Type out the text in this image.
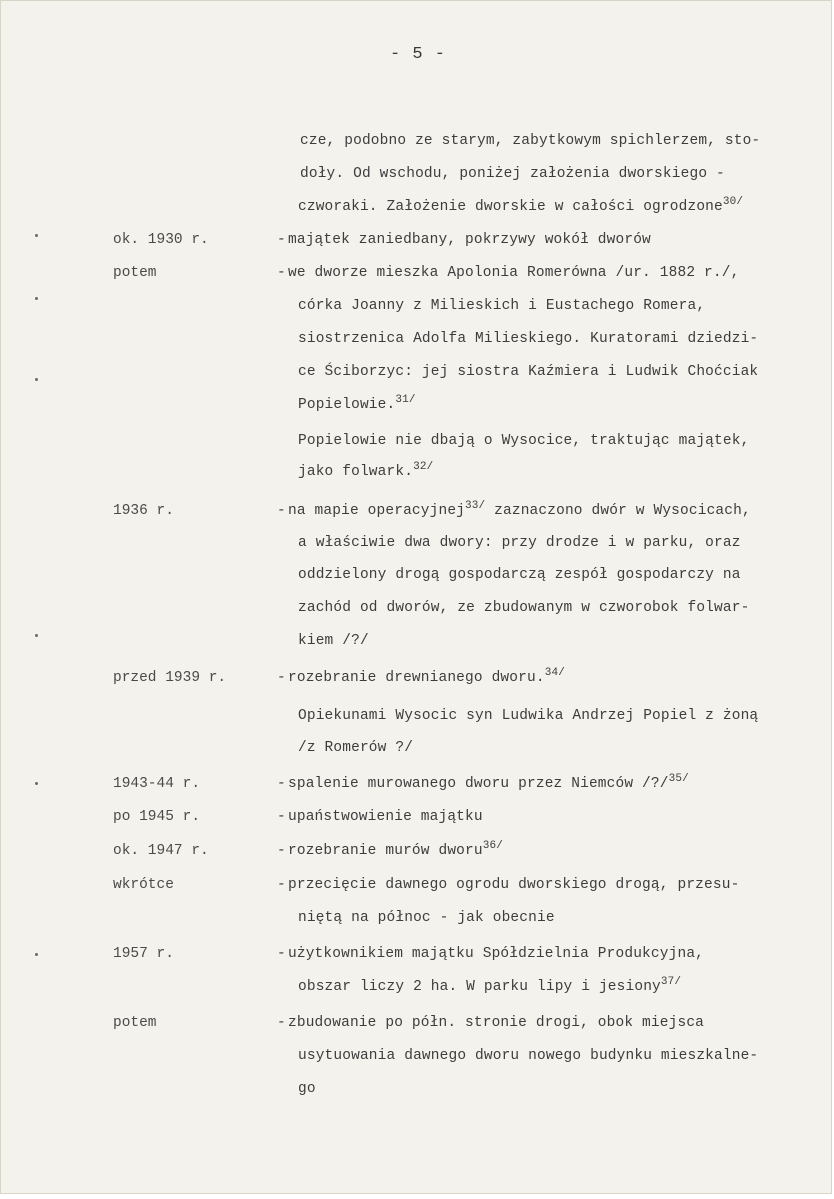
- 5 -
cze, podobno ze starym, zabytkowym spichlerzem, sto-
doły. Od wschodu, poniżej założenia dworskiego -
czworaki. Założenie dworskie w całości ogrodzone$^{30/}$
ok. 1930 r.	- majątek zaniedbany, pokrzywy wokół dworów
potem	- we dworze mieszka Apolonia Romerówna /ur. 1882 r./,
córka Joanny z Milieskich i Eustachego Romera,
siostrzenica Adolfa Milieskiego. Kuratorami dziedzi-
ce Ściborzyc: jej siostra Kaźmiera i Ludwik Choćciak
Popielowie.$^{31/}$
Popielowie nie dbają o Wysocice, traktując majątek,
jako folwark.$^{32/}$
1936 r.	- na mapie operacyjnej$^{33/}$ zaznaczono dwór w Wysocicach,
a właściwie dwa dwory: przy drodze i w parku, oraz
oddzielony drogą gospodarczą zespół gospodarczy na
zachód od dworów, ze zbudowanym w czworobok folwar-
kiem /?/
przed 1939 r.	- rozebranie drewnianego dworu.$^{34/}$
Opiekunami Wysocic syn Ludwika Andrzej Popiel z żoną
/z Romerów ?/
1943-44 r.	- spalenie murowanego dworu przez Niemców /?/$^{35/}$
po 1945 r.	- upaństwowienie majątku
ok. 1947 r.	- rozebranie murów dworu$^{36/}$
wkrótce	- przecięcie dawnego ogrodu dworskiego drogą, przesu-
niętą na północ - jak obecnie
1957 r.	- użytkownikiem majątku Spółdzielnia Produkcyjna,
obszar liczy 2 ha. W parku lipy i jesiony$^{37/}$
potem	- zbudowanie po półn. stronie drogi, obok miejsca
usytuowania dawnego dworu nowego budynku mieszkalne-
go
